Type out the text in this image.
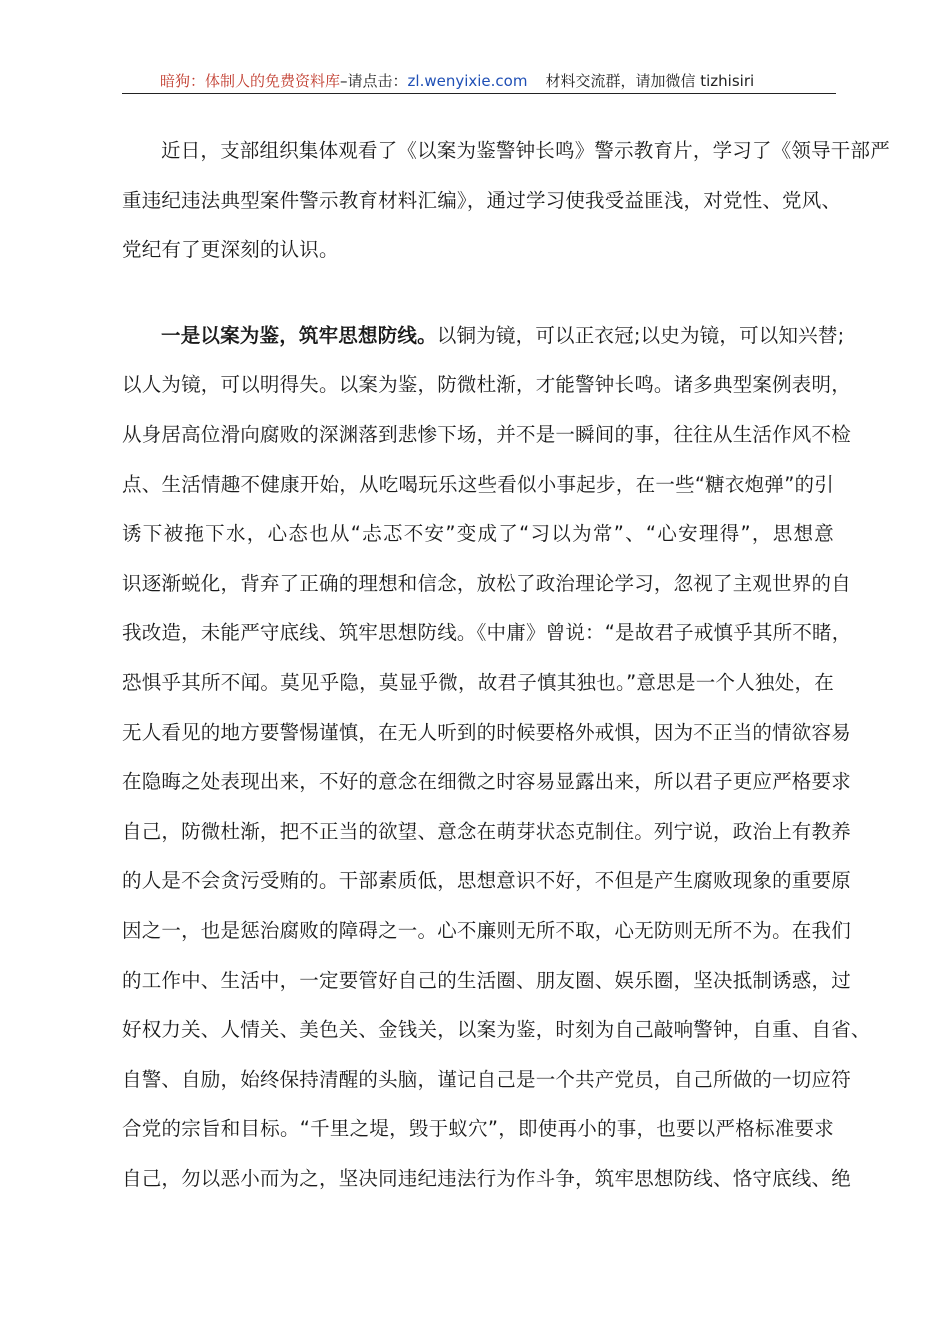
暗狗：体制人的免费资料库–请点击：zl.wenyixie.com 材料交流群，请加微信 tizhisiri
近日，支部组织集体观看了《以案为鉴警钟长鸣》警示教育片，学习了《领导干部严
重违纪违法典型案件警示教育材料汇编》，通过学习使我受益匪浅，对党性、党风、
党纪有了更深刻的认识。
一是以案为鉴，筑牢思想防线。以铜为镜，可以正衣冠;以史为镜，可以知兴替;
以人为镜，可以明得失。以案为鉴，防微杜渐，才能警钟长鸣。诸多典型案例表明，
从身居高位滑向腐败的深渊落到悲惨下场，并不是一瞬间的事，往往从生活作风不检
点、生活情趣不健康开始，从吃喝玩乐这些看似小事起步，在一些“糖衣炮弹”的引
诱下被拖下水，心态也从“忐忑不安”变成了“习以为常”、“心安理得”，思想意
识逐渐蜕化，背弃了正确的理想和信念，放松了政治理论学习，忽视了主观世界的自
我改造，未能严守底线、筑牢思想防线。《中庸》曾说：“是故君子戒慎乎其所不睹，
恐惧乎其所不闻。莫见乎隐，莫显乎微，故君子慎其独也。”意思是一个人独处，在
无人看见的地方要警惕谨慎，在无人听到的时候要格外戒惧，因为不正当的情欲容易
在隐晦之处表现出来，不好的意念在细微之时容易显露出来，所以君子更应严格要求
自己，防微杜渐，把不正当的欲望、意念在萌芽状态克制住。列宁说，政治上有教养
的人是不会贪污受贿的。干部素质低，思想意识不好，不但是产生腐败现象的重要原
因之一，也是惩治腐败的障碍之一。心不廉则无所不取，心无防则无所不为。在我们
的工作中、生活中，一定要管好自己的生活圈、朋友圈、娱乐圈，坚决抵制诱惑，过
好权力关、人情关、美色关、金钱关，以案为鉴，时刻为自己敲响警钟，自重、自省、
自警、自励，始终保持清醒的头脑，谨记自己是一个共产党员，自己所做的一切应符
合党的宗旨和目标。“千里之堤，毁于蚁穴”，即使再小的事，也要以严格标准要求
自己，勿以恶小而为之，坚决同违纪违法行为作斗争，筑牢思想防线、恪守底线、绝
